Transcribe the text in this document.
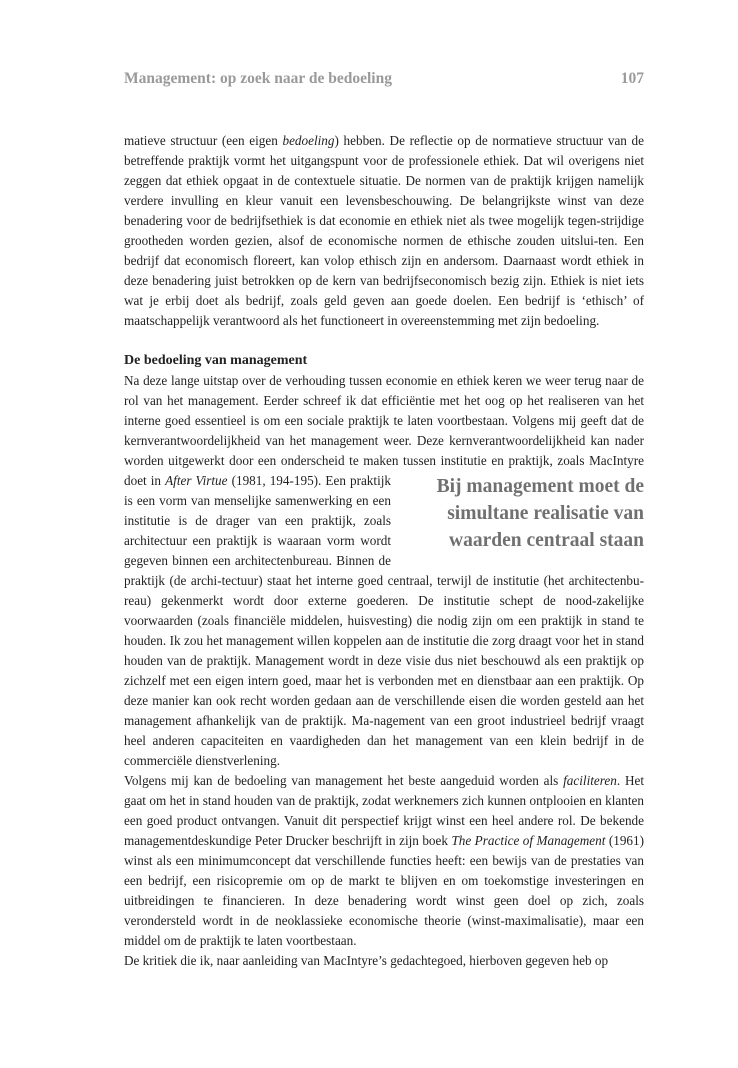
Management: op zoek naar de bedoeling	107

matieve structuur (een eigen bedoeling) hebben. De reflectie op de normatieve structuur van de betreffende praktijk vormt het uitgangspunt voor de professionele ethiek. Dat wil overigens niet zeggen dat ethiek opgaat in de contextuele situatie. De normen van de praktijk krijgen namelijk verdere invulling en kleur vanuit een levensbeschouwing. De belangrijkste winst van deze benadering voor de bedrijfsethiek is dat economie en ethiek niet als twee mogelijk tegen-strijdige grootheden worden gezien, alsof de economische normen de ethische zouden uitslui-ten. Een bedrijf dat economisch floreert, kan volop ethisch zijn en andersom. Daarnaast wordt ethiek in deze benadering juist betrokken op de kern van bedrijfseconomisch bezig zijn. Ethiek is niet iets wat je erbij doet als bedrijf, zoals geld geven aan goede doelen. Een bedrijf is ‘ethisch’ of maatschappelijk verantwoord als het functioneert in overeenstemming met zijn bedoeling.

De bedoeling van management

Na deze lange uitstap over de verhouding tussen economie en ethiek keren we weer terug naar de rol van het management. Eerder schreef ik dat efficiëntie met het oog op het realiseren van het interne goed essentieel is om een sociale praktijk te laten voortbestaan. Volgens mij geeft dat de kernverantwoordelijkheid van het management weer. Deze kernverantwoordelijkheid kan nader worden uitgewerkt door een onderscheid te maken tussen institutie en praktijk, zoals MacIntyre doet in After Virtue	Bij management moet de simultane realisatie van waarden centraal staan
(1981, 194-195). Een praktijk is een vorm van menselijke samenwerking en een institutie is de drager van een praktijk, zoals architectuur een praktijk is waaraan vorm wordt gegeven binnen een architectenbureau. Binnen de praktijk (de archi-tectuur) staat het interne goed centraal, terwijl de institutie (het architectenbu-reau) gekenmerkt wordt door externe goederen. De institutie schept de nood-zakelijke voorwaarden (zoals financiële middelen, huisvesting) die nodig zijn om een praktijk in stand te houden. Ik zou het management willen koppelen aan de institutie die zorg draagt voor het in stand houden van de praktijk. Management wordt in deze visie dus niet beschouwd als een praktijk op zichzelf met een eigen intern goed, maar het is verbonden met en dienstbaar aan een praktijk. Op deze manier kan ook recht worden gedaan aan de verschillende eisen die worden gesteld aan het management afhankelijk van de praktijk. Ma-nagement van een groot industrieel bedrijf vraagt heel anderen capaciteiten en vaardigheden dan het management van een klein bedrijf in de commerciële dienstverlening.

Volgens mij kan de bedoeling van management het beste aangeduid worden als faciliteren. Het gaat om het in stand houden van de praktijk, zodat werknemers zich kunnen ontplooien en klanten een goed product ontvangen. Vanuit dit perspectief krijgt winst een heel andere rol. De bekende managementdeskundige Peter Drucker beschrijft in zijn boek The Practice of Management (1961) winst als een minimumconcept dat verschillende functies heeft: een bewijs van de prestaties van een bedrijf, een risicopremie om op de markt te blijven en om toekomstige investeringen en uitbreidingen te financieren. In deze benadering wordt winst geen doel op zich, zoals verondersteld wordt in de neoklassieke economische theorie (winst-maximalisatie), maar een middel om de praktijk te laten voortbestaan.

De kritiek die ik, naar aanleiding van MacIntyre’s gedachtegoed, hierboven gegeven heb op
